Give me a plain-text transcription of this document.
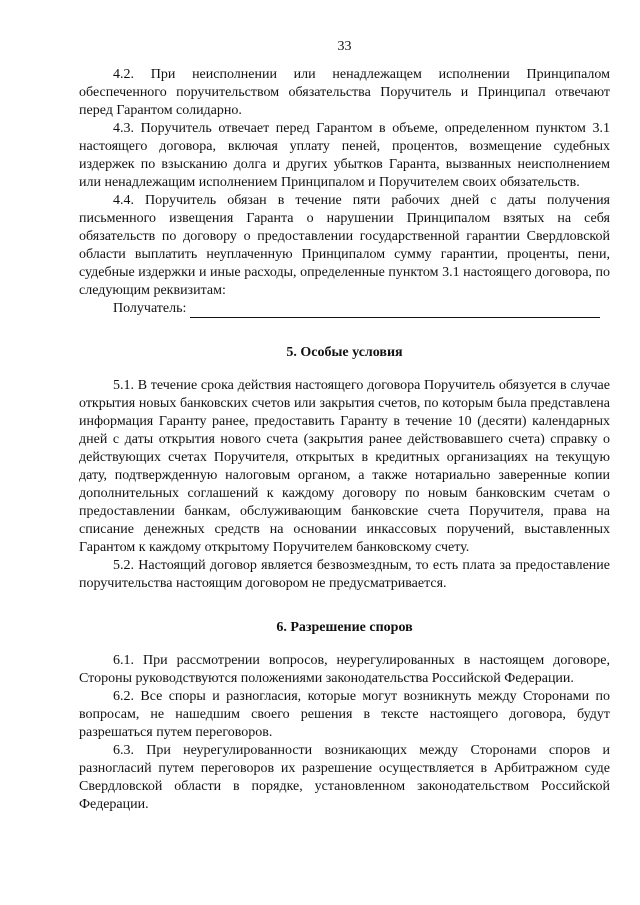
33

4.2. При неисполнении или ненадлежащем исполнении Принципалом обеспеченного поручительством обязательства Поручитель и Принципал отвечают перед Гарантом солидарно.

4.3. Поручитель отвечает перед Гарантом в объеме, определенном пунктом 3.1 настоящего договора, включая уплату пеней, процентов, возмещение судебных издержек по взысканию долга и других убытков Гаранта, вызванных неисполнением или ненадлежащим исполнением Принципалом и Поручителем своих обязательств.

4.4. Поручитель обязан в течение пяти рабочих дней с даты получения письменного извещения Гаранта о нарушении Принципалом взятых на себя обязательств по договору о предоставлении государственной гарантии Свердловской области выплатить неуплаченную Принципалом сумму гарантии, проценты, пени, судебные издержки и иные расходы, определенные пунктом 3.1 настоящего договора, по следующим реквизитам:

Получатель:
5. Особые условия

5.1. В течение срока действия настоящего договора Поручитель обязуется в случае открытия новых банковских счетов или закрытия счетов, по которым была представлена информация Гаранту ранее, предоставить Гаранту в течение 10 (десяти) календарных дней с даты открытия нового счета (закрытия ранее действовавшего счета) справку о действующих счетах Поручителя, открытых в кредитных организациях на текущую дату, подтвержденную налоговым органом, а также нотариально заверенные копии дополнительных соглашений к каждому договору по новым банковским счетам о предоставлении банкам, обслуживающим банковские счета Поручителя, права на списание денежных средств на основании инкассовых поручений, выставленных Гарантом к каждому открытому Поручителем банковскому счету.

5.2. Настоящий договор является безвозмездным, то есть плата за предоставление поручительства настоящим договором не предусматривается.

6. Разрешение споров

6.1. При рассмотрении вопросов, неурегулированных в настоящем договоре, Стороны руководствуются положениями законодательства Российской Федерации.

6.2. Все споры и разногласия, которые могут возникнуть между Сторонами по вопросам, не нашедшим своего решения в тексте настоящего договора, будут разрешаться путем переговоров.

6.3. При неурегулированности возникающих между Сторонами споров и разногласий путем переговоров их разрешение осуществляется в Арбитражном суде Свердловской области в порядке, установленном законодательством Российской Федерации.
